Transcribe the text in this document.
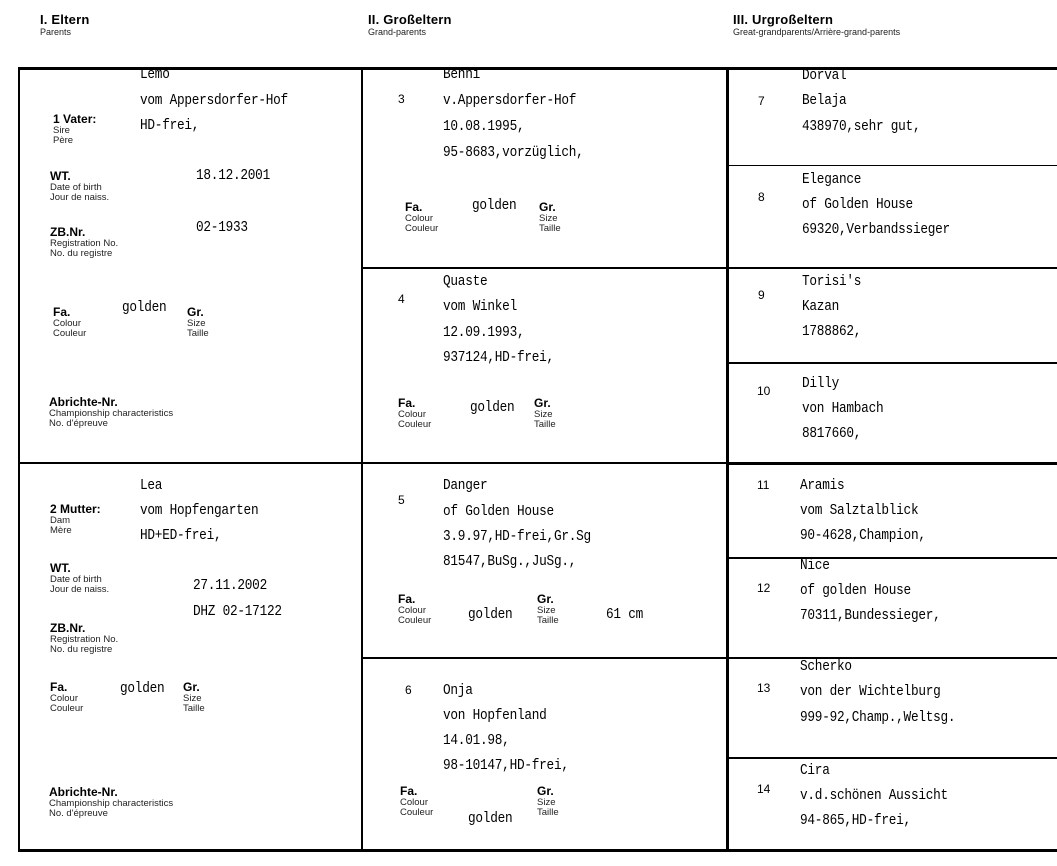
I. Eltern
Parents
II. Großeltern
Grand-parents
III. Urgroßeltern
Great-grandparents/Arrière-grand-parents
Lemo
vom Appersdorfer-Hof
HD-frei,
1 Vater:
Sire
Père
WT.
Date of birth
Jour de naiss.
18.12.2001
ZB.Nr.
Registration No.
No. du registre
02-1933
Fa.
Colour
Couleur
golden Gr.
Size
Taille
Abrichte-Nr.
Championship characteristics
No. d'épreuve
Lea
vom Hopfengarten
HD+ED-frei,
2 Mutter:
Dam
Mère
WT.
Date of birth
Jour de naiss.	27.11.2002
DHZ 02-17122
ZB.Nr.
Registration No.
No. du registre
Fa.
Colour
Couleur
golden Gr.
Size
Taille
Abrichte-Nr.
Championship characteristics
No. d'épreuve
3
Benni
v.Appersdorfer-Hof
10.08.1995,
95-8683,vorzüglich,
Fa.
Colour
Couleur
golden Gr.
Size
Taille
4
Quaste
vom Winkel
12.09.1993,
937124,HD-frei,
Fa.
Colour
Couleur
golden Gr.
Size
Taille
5
Danger
of Golden House
3.9.97,HD-frei,Gr.Sg
81547,BuSg.,JuSg.,
Fa.
Colour
Couleur golden
Gr.
Size
Taille	61 cm
6 Onja
von Hopfenland
14.01.98,
98-10147,HD-frei,
Fa.
Colour
Couleur golden
Gr.
Size
Taille
7
Dorval
Belaja
438970,sehr gut,
8
Elegance
of Golden House
69320,Verbandssieger
9
Torisi's
Kazan
1788862,
10 Dilly
von Hambach
8817660,
11 Aramis
vom Salztalblick
90-4628,Champion,
12
Nice
of golden House
70311,Bundessieger,
13
Scherko
von der Wichtelburg
999-92,Champ.,Weltsg.
14
Cira
v.d.schönen Aussicht
94-865,HD-frei,
